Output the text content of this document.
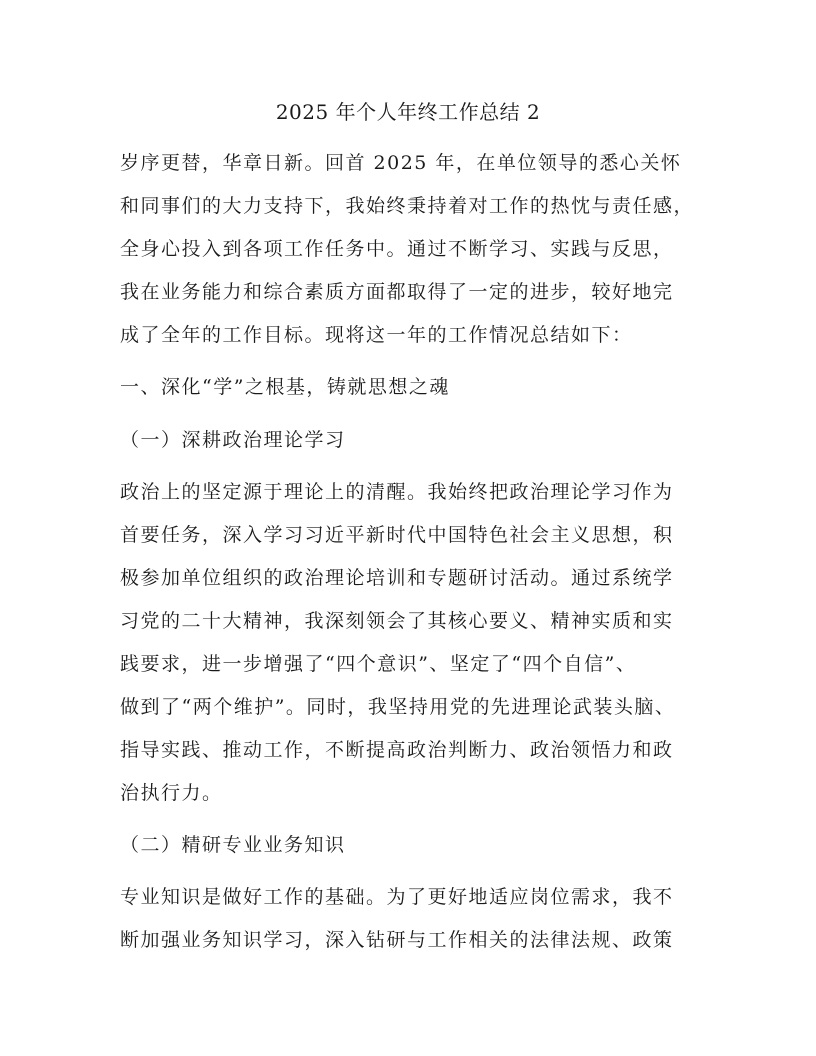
2025 年个人年终工作总结 2
岁序更替，华章日新。回首 2025 年，在单位领导的悉心关怀
和同事们的大力支持下，我始终秉持着对工作的热忱与责任感，
全身心投入到各项工作任务中。通过不断学习、实践与反思，
我在业务能力和综合素质方面都取得了一定的进步，较好地完
成了全年的工作目标。现将这一年的工作情况总结如下：
一、深化“学”之根基，铸就思想之魂
（一）深耕政治理论学习
政治上的坚定源于理论上的清醒。我始终把政治理论学习作为
首要任务，深入学习习近平新时代中国特色社会主义思想，积
极参加单位组织的政治理论培训和专题研讨活动。通过系统学
习党的二十大精神，我深刻领会了其核心要义、精神实质和实
践要求，进一步增强了“四个意识”、坚定了“四个自信”、
做到了“两个维护”。同时，我坚持用党的先进理论武装头脑、
指导实践、推动工作，不断提高政治判断力、政治领悟力和政
治执行力。
（二）精研专业业务知识
专业知识是做好工作的基础。为了更好地适应岗位需求，我不
断加强业务知识学习，深入钻研与工作相关的法律法规、政策
